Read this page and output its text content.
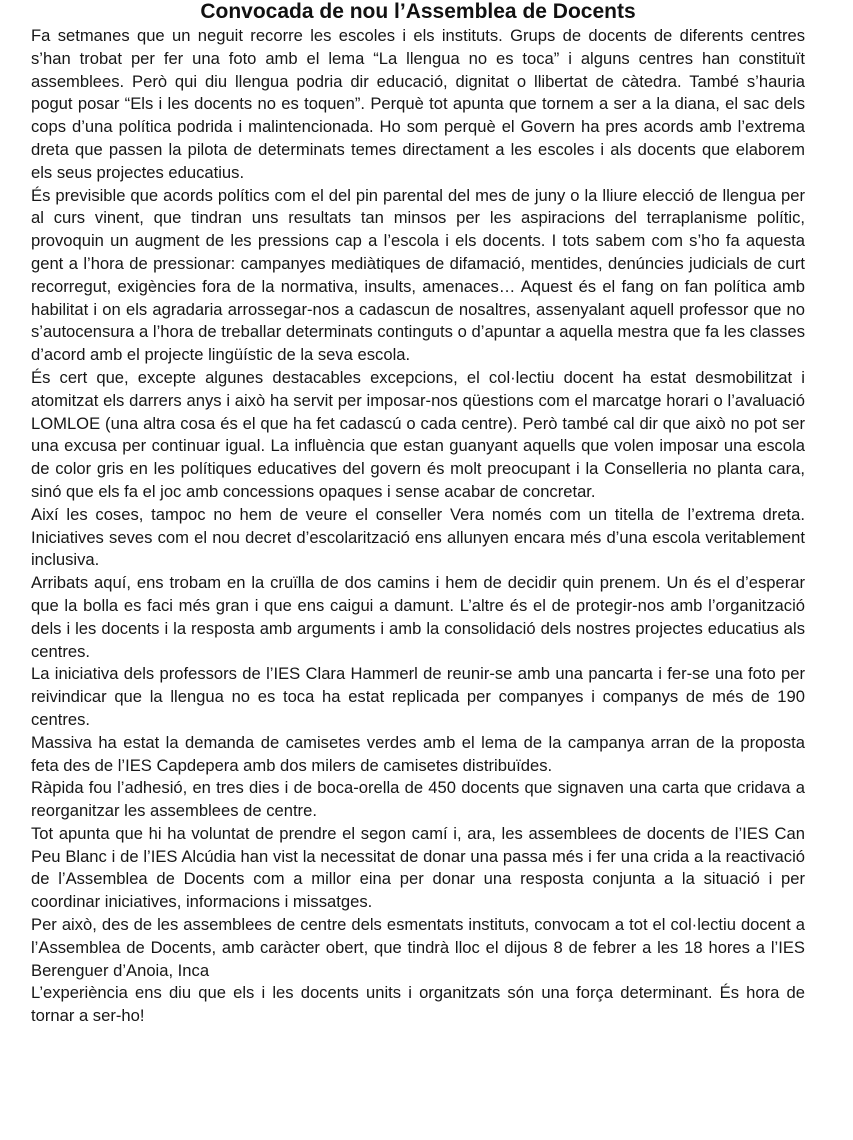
Convocada de nou l’Assemblea de Docents

Fa setmanes que un neguit recorre les escoles i els instituts. Grups de docents de diferents centres s’han trobat per fer una foto amb el lema “La llengua no es toca” i alguns centres han constituït assemblees. Però qui diu llengua podria dir educació, dignitat o llibertat de càtedra. També s’hauria pogut posar “Els i les docents no es toquen”. Perquè tot apunta que tornem a ser a la diana, el sac dels cops d’una política podrida i malintencionada. Ho som perquè el Govern ha pres acords amb l’extrema dreta que passen la pilota de determinats temes directament a les escoles i als docents que elaborem els seus projectes educatius.

És previsible que acords polítics com el del pin parental del mes de juny o la lliure elecció de llengua per al curs vinent, que tindran uns resultats tan minsos per les aspiracions del terraplanisme polític, provoquin un augment de les pressions cap a l’escola i els docents. I tots sabem com s’ho fa aquesta gent a l’hora de pressionar: campanyes mediàtiques de difamació, mentides, denúncies judicials de curt recorregut, exigències fora de la normativa, insults, amenaces… Aquest és el fang on fan política amb habilitat i on els agradaria arrossegar-nos a cadascun de nosaltres, assenyalant aquell professor que no s’autocensura a l’hora de treballar determinats continguts o d’apuntar a aquella mestra que fa les classes d’acord amb el projecte lingüístic de la seva escola.

És cert que, excepte algunes destacables excepcions, el col·lectiu docent ha estat desmobilitzat i atomitzat els darrers anys i això ha servit per imposar-nos qüestions com el marcatge horari o l’avaluació LOMLOE (una altra cosa és el que ha fet cadascú o cada centre). Però també cal dir que això no pot ser una excusa per continuar igual. La influència que estan guanyant aquells que volen imposar una escola de color gris en les polítiques educatives del govern és molt preocupant i la Conselleria no planta cara, sinó que els fa el joc amb concessions opaques i sense acabar de concretar.

Així les coses, tampoc no hem de veure el conseller Vera només com un titella de l’extrema dreta. Iniciatives seves com el nou decret d’escolarització ens allunyen encara més d’una escola veritablement inclusiva.

Arribats aquí, ens trobam en la cruïlla de dos camins i hem de decidir quin prenem. Un és el d’esperar que la bolla es faci més gran i que ens caigui a damunt. L’altre és el de protegir-nos amb l’organització dels i les docents i la resposta amb arguments i amb la consolidació dels nostres projectes educatius als centres.

La iniciativa dels professors de l’IES Clara Hammerl de reunir-se amb una pancarta i fer-se una foto per reivindicar que la llengua no es toca ha estat replicada per companyes i companys de més de 190 centres.

Massiva ha estat la demanda de camisetes verdes amb el lema de la campanya arran de la proposta feta des de l’IES Capdepera amb dos milers de camisetes distribuïdes.

Ràpida fou l’adhesió, en tres dies i de boca-orella de 450 docents que signaven una carta que cridava a reorganitzar les assemblees de centre.

Tot apunta que hi ha voluntat de prendre el segon camí i, ara, les assemblees de docents de l’IES Can Peu Blanc i de l’IES Alcúdia han vist la necessitat de donar una passa més i fer una crida a la reactivació de l’Assemblea de Docents com a millor eina per donar una resposta conjunta a la situació i per coordinar iniciatives, informacions i missatges.

Per això, des de les assemblees de centre dels esmentats instituts, convocam a tot el col·lectiu docent a l’Assemblea de Docents, amb caràcter obert, que tindrà lloc el dijous 8 de febrer a les 18 hores a l’IES Berenguer d’Anoia, Inca

L’experiència ens diu que els i les docents units i organitzats són una força determinant. És hora de tornar a ser-ho!
